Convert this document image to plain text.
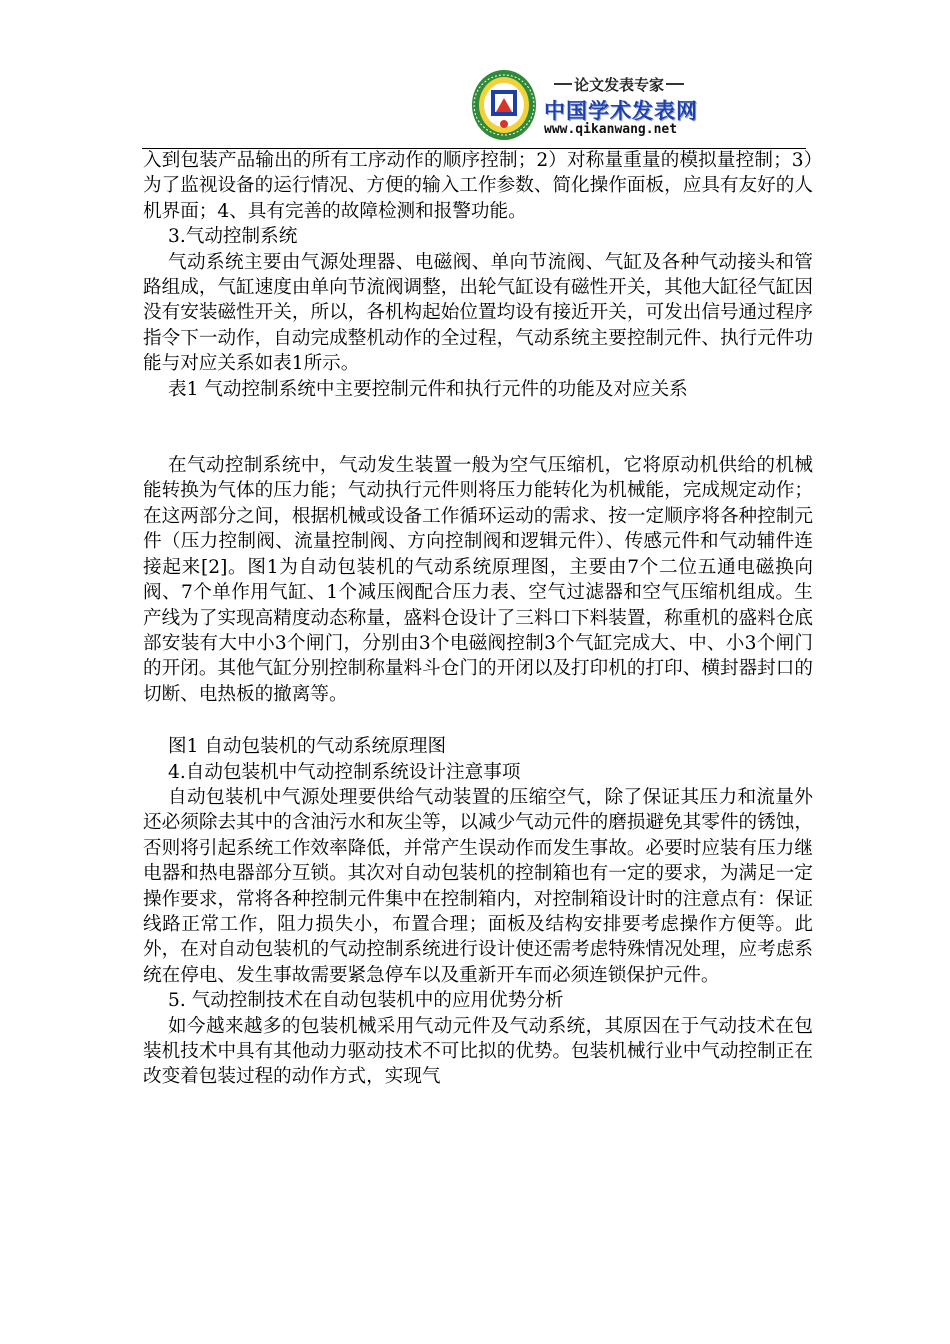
论文发表专家
中国学术发表网
www.qikanwang.net

入到包装产品输出的所有工序动作的顺序控制；2）对称量重量的模拟量控制；3）为了监视设备的运行情况、方便的输入工作参数、简化操作面板，应具有友好的人机界面；4、具有完善的故障检测和报警功能。

3.气动控制系统

气动系统主要由气源处理器、电磁阀、单向节流阀、气缸及各种气动接头和管路组成，气缸速度由单向节流阀调整，出轮气缸设有磁性开关，其他大缸径气缸因没有安装磁性开关，所以，各机构起始位置均设有接近开关，可发出信号通过程序指令下一动作，自动完成整机动作的全过程，气动系统主要控制元件、执行元件功能与对应关系如表1所示。

表1 气动控制系统中主要控制元件和执行元件的功能及对应关系

在气动控制系统中，气动发生装置一般为空气压缩机，它将原动机供给的机械能转换为气体的压力能；气动执行元件则将压力能转化为机械能，完成规定动作；在这两部分之间，根据机械或设备工作循环运动的需求、按一定顺序将各种控制元件（压力控制阀、流量控制阀、方向控制阀和逻辑元件）、传感元件和气动辅件连接起来[2]。图1为自动包装机的气动系统原理图，主要由7个二位五通电磁换向阀、7个单作用气缸、1个减压阀配合压力表、空气过滤器和空气压缩机组成。生产线为了实现高精度动态称量，盛料仓设计了三料口下料装置，称重机的盛料仓底部安装有大中小3个闸门，分别由3个电磁阀控制3个气缸完成大、中、小3个闸门的开闭。其他气缸分别控制称量料斗仓门的开闭以及打印机的打印、横封器封口的切断、电热板的撤离等。

图1 自动包装机的气动系统原理图

4.自动包装机中气动控制系统设计注意事项

自动包装机中气源处理要供给气动装置的压缩空气，除了保证其压力和流量外还必须除去其中的含油污水和灰尘等，以减少气动元件的磨损避免其零件的锈蚀，否则将引起系统工作效率降低，并常产生误动作而发生事故。必要时应装有压力继电器和热电器部分互锁。其次对自动包装机的控制箱也有一定的要求，为满足一定操作要求，常将各种控制元件集中在控制箱内，对控制箱设计时的注意点有：保证线路正常工作，阻力损失小，布置合理；面板及结构安排要考虑操作方便等。此外，在对自动包装机的气动控制系统进行设计使还需考虑特殊情况处理，应考虑系统在停电、发生事故需要紧急停车以及重新开车而必须连锁保护元件。

5. 气动控制技术在自动包装机中的应用优势分析

如今越来越多的包装机械采用气动元件及气动系统，其原因在于气动技术在包装机技术中具有其他动力驱动技术不可比拟的优势。包装机械行业中气动控制正在改变着包装过程的动作方式，实现气
